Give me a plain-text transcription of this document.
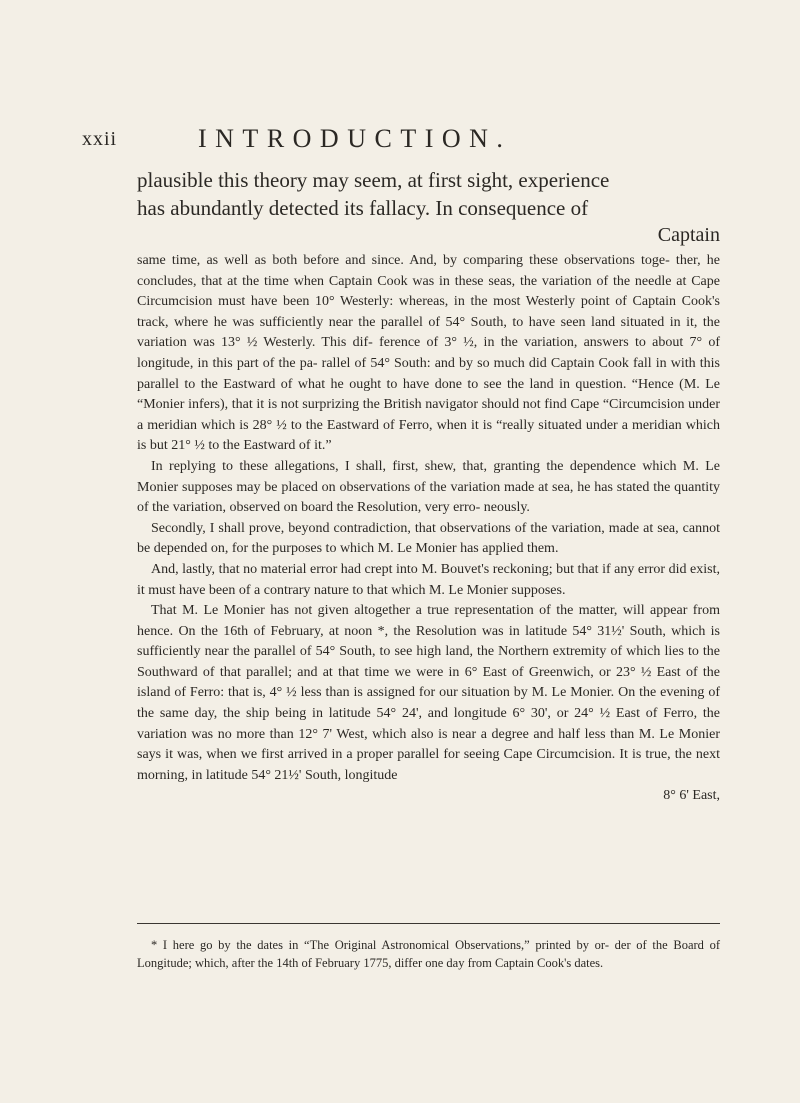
xxii	INTRODUCTION.
plausible this theory may seem, at first sight, experience
has abundantly detected its fallacy. In consequence of
Captain

same time, as well as both before and since. And, by comparing these observations toge- ther, he concludes, that at the time when Captain Cook was in these seas, the variation of the needle at Cape Circumcision must have been 10° Westerly: whereas, in the most Westerly point of Captain Cook's track, where he was sufficiently near the parallel of 54° South, to have seen land situated in it, the variation was 13° ½ Westerly. This dif- ference of 3° ½, in the variation, answers to about 7° of longitude, in this part of the pa- rallel of 54° South: and by so much did Captain Cook fall in with this parallel to the Eastward of what he ought to have done to see the land in question. “Hence (M. Le “Monier infers), that it is not surprizing the British navigator should not find Cape “Circumcision under a meridian which is 28° ½ to the Eastward of Ferro, when it is “really situated under a meridian which is but 21° ½ to the Eastward of it.”

In replying to these allegations, I shall, first, shew, that, granting the dependence which M. Le Monier supposes may be placed on observations of the variation made at sea, he has stated the quantity of the variation, observed on board the Resolution, very erro- neously.

Secondly, I shall prove, beyond contradiction, that observations of the variation, made at sea, cannot be depended on, for the purposes to which M. Le Monier has applied them.

And, lastly, that no material error had crept into M. Bouvet's reckoning; but that if any error did exist, it must have been of a contrary nature to that which M. Le Monier supposes.

That M. Le Monier has not given altogether a true representation of the matter, will appear from hence. On the 16th of February, at noon *, the Resolution was in latitude 54° 31½' South, which is sufficiently near the parallel of 54° South, to see high land, the Northern extremity of which lies to the Southward of that parallel; and at that time we were in 6° East of Greenwich, or 23° ½ East of the island of Ferro: that is, 4° ½ less than is assigned for our situation by M. Le Monier. On the evening of the same day, the ship being in latitude 54° 24', and longitude 6° 30', or 24° ½ East of Ferro, the variation was no more than 12° 7' West, which also is near a degree and half less than M. Le Monier says it was, when we first arrived in a proper parallel for seeing Cape Circumcision. It is true, the next morning, in latitude 54° 21½' South, longitude

8° 6' East,

* I here go by the dates in “The Original Astronomical Observations,” printed by or- der of the Board of Longitude; which, after the 14th of February 1775, differ one day from Captain Cook's dates.
